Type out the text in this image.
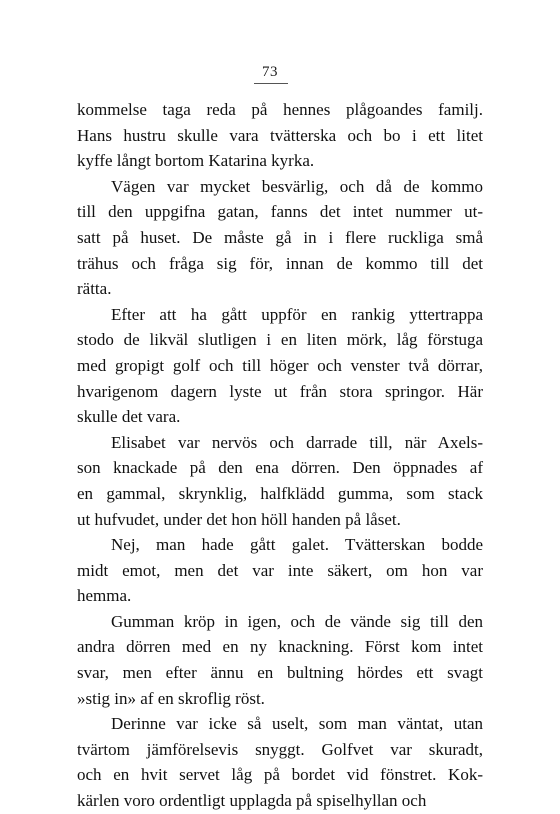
73
kommelse taga reda på hennes plågoandes familj.
Hans hustru skulle vara tvätterska och bo i ett litet
kyffe långt bortom Katarina kyrka.
Vägen var mycket besvärlig, och då de kommo
till den uppgifna gatan, fanns det intet nummer ut-
satt på huset. De måste gå in i flere ruckliga små
trähus och fråga sig för, innan de kommo till det
rätta.
Efter att ha gått uppför en rankig yttertrappa
stodo de likväl slutligen i en liten mörk, låg förstuga
med gropigt golf och till höger och venster två dörrar,
hvarigenom dagern lyste ut från stora springor. Här
skulle det vara.
Elisabet var nervös och darrade till, när Axels-
son knackade på den ena dörren. Den öppnades af
en gammal, skrynklig, halfklädd gumma, som stack
ut hufvudet, under det hon höll handen på låset.
Nej, man hade gått galet. Tvätterskan bodde
midt emot, men det var inte säkert, om hon var
hemma.
Gumman kröp in igen, och de vände sig till den
andra dörren med en ny knackning. Först kom intet
svar, men efter ännu en bultning hördes ett svagt
»stig in» af en skroflig röst.
Derinne var icke så uselt, som man väntat, utan
tvärtom jämförelsevis snyggt. Golfvet var skuradt,
och en hvit servet låg på bordet vid fönstret. Kok-
kärlen voro ordentligt upplagda på spiselhyllan och
